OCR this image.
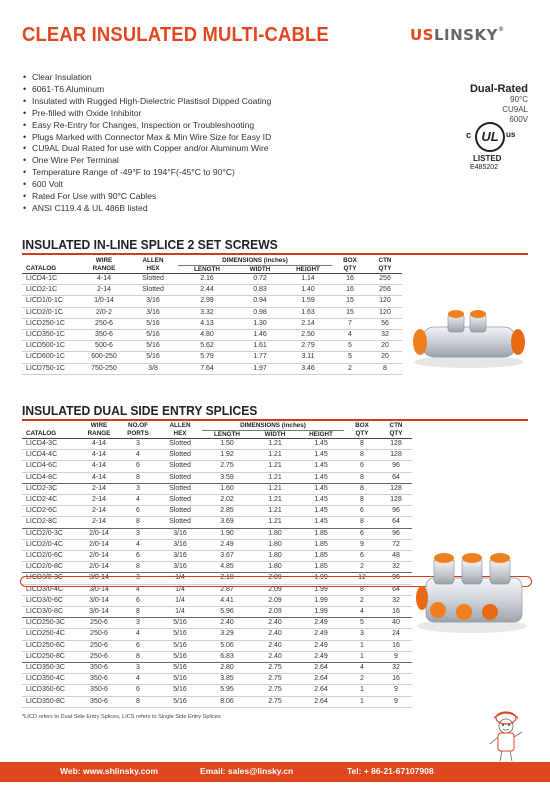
CLEAR INSULATED MULTI-CABLE	USLINSKY®
• Clear Insulation
• 6061-T6 Aluminum
• Insulated with Rugged High-Dielectric Plastisol Dipped Coating
• Pre-filled with Oxide Inhibitor
• Easy Re-Entry for Changes, Inspection or Troubleshooting
• Plugs Marked with Connector Max & Min Wire Size for Easy ID
• CU9AL Dual Rated for use with Copper and/or Aluminum Wire
• One Wire Per Terminal
• Temperature Range of -49°F to 194°F(-45°C to 90°C)
• 600 Volt
• Rated For Use with 90°C Cables
• ANSI C119.4 & UL 486B listed
Dual-Rated
90°C
CU9AL
600V
c UL us
LISTED
E485202
INSULATED IN-LINE SPLICE 2 SET SCREWS
	WIRE	ALLEN	DIMENSIONS (inches)			BOX	CTN
CATALOG	RANGE	HEX	LENGTH	WIDTH	HEIGHT	QTY	QTY
LICD4-1C	4-14	Slotted	2.16	0.72	1.14	16	256
LICD2-1C	2-14	Slotted	2.44	0.83	1.40	16	256
LICD1/0-1C	1/0-14	3/16	2.99	0.94	1.59	15	120
LICD2/0-1C	2/0-2	3/16	3.32	0.98	1.63	15	120
LICD250-1C	250-6	5/16	4.13	1.30	2.14	7	56
LICD350-1C	350-6	5/16	4.80	1.46	2.50	4	32
LICD500-1C	500-6	5/16	5.62	1.61	2.79	5	20
LICD600-1C	600-250	5/16	5.79	1.77	3.11	5	20
LICD750-1C	750-250	3/8	7.64	1.97	3.46	2	8
INSULATED DUAL SIDE ENTRY SPLICES
	WIRE	NO.OF	ALLEN	DIMENSIONS (inches)			BOX	CTN
CATALOG	RANGE	PORTS	HEX	LENGTH	WIDTH	HEIGHT	QTY	QTY
LICD4-3C	4-14	3	Slotted	1.50	1.21	1.45	8	128
LICD4-4C	4-14	4	Slotted	1.92	1.21	1.45	8	128
LICD4-6C	4-14	6	Slotted	2.75	1.21	1.45	6	96
LICD4-8C	4-14	8	Slotted	3.59	1.21	1.45	8	64
LICD2-3C	2-14	3	Slotted	1.60	1.21	1.45	8	128
LICD2-4C	2-14	4	Slotted	2.02	1.21	1.45	8	128
LICD2-6C	2-14	6	Slotted	2.85	1.21	1.45	6	96
LICD2-8C	2-14	8	Slotted	3.69	1.21	1.45	8	64
LICD2/0-3C	2/0-14	3	3/16	1.90	1.80	1.85	6	96
LICD2/0-4C	2/0-14	4	3/16	2.49	1.80	1.85	9	72
LICD2/0-6C	2/0-14	6	3/16	3.67	1.80	1.85	6	48
LICD2/0-8C	2/0-14	8	3/16	4.85	1.80	1.85	2	32
LICD3/0-3C	3/0-14	3	1/4	2.10	2.09	1.99	12	96
LICD3/0-4C	3/0-14	4	1/4	2.87	2.09	1.99	8	64
LICD3/0-6C	3/0-14	6	1/4	4.41	2.09	1.99	2	32
LICD3/0-8C	3/0-14	8	1/4	5.96	2.09	1.99	4	16
LICD250-3C	250-6	3	5/16	2.40	2.40	2.49	5	40
LICD250-4C	250-6	4	5/16	3.29	2.40	2.49	3	24
LICD250-6C	250-6	6	5/16	5.06	2.40	2.49	1	16
LICD250-8C	250-6	8	5/16	6.83	2.40	2.49	1	9
LICD350-3C	350-6	3	5/16	2.80	2.75	2.64	4	32
LICD350-4C	350-6	4	5/16	3.85	2.75	2.64	2	16
LICD350-6C	350-6	6	5/16	5.95	2.75	2.64	1	9
LICD350-8C	350-6	8	5/16	8.06	2.75	2.64	1	9
*LICD refers to Dual Side Entry Splices, LICS refers to Single Side Entry Splices
Web: www.shlinsky.com	Email: sales@linsky.cn	Tel: + 86-21-67107908
